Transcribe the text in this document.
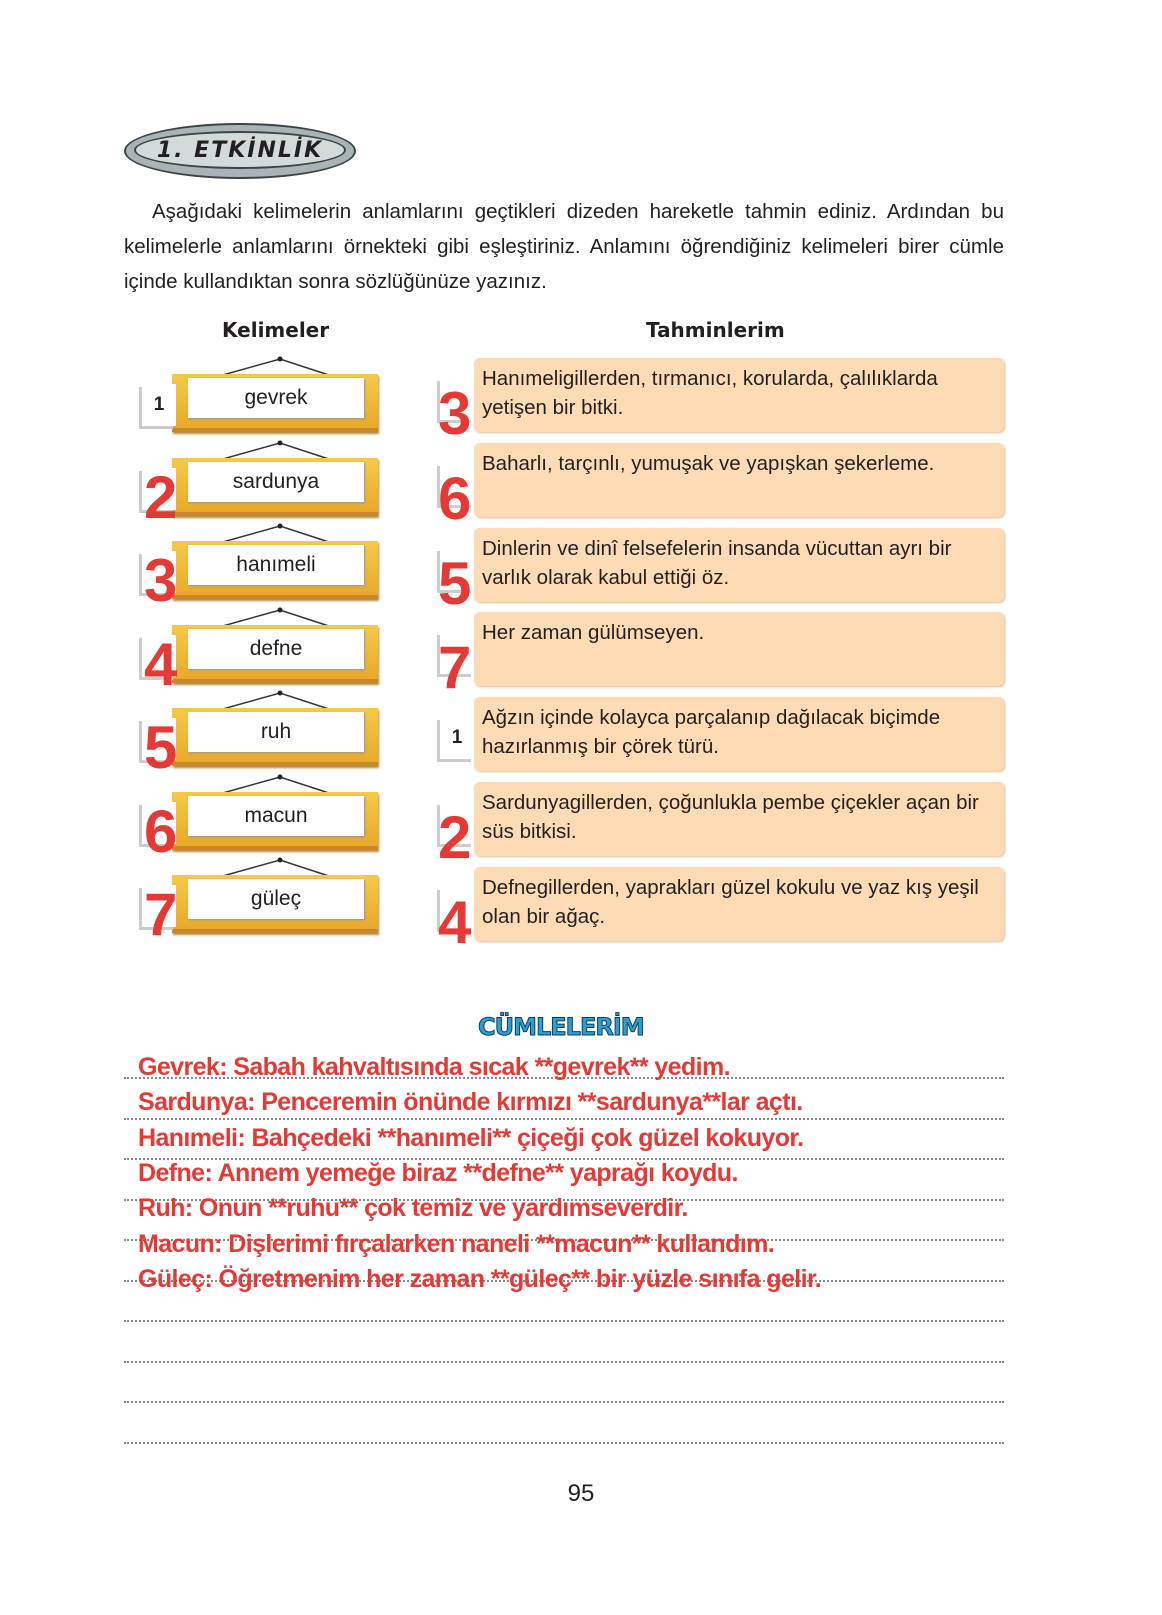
1. ETKİNLİK
Aşağıdaki kelimelerin anlamlarını geçtikleri dizeden hareketle tahmin ediniz. Ardından bu kelimelerle anlamlarını örnekteki gibi eşleştiriniz. Anlamını öğrendiğiniz kelimeleri birer cümle içinde kullandıktan sonra sözlüğünüze yazınız.
Kelimeler	Tahminlerim
gevrek
1
sardunya
2
hanımeli
3
defne
4
ruh
5
macun
6
güleç
7
3
Hanımeligillerden, tırmanıcı, korularda, çalılıklarda yetişen bir bitki.
6
Baharlı, tarçınlı, yumuşak ve yapışkan şekerleme.
5
Dinlerin ve dinî felsefelerin insanda vücuttan ayrı bir varlık olarak kabul ettiği öz.
7
Her zaman gülümseyen.
1
Ağzın içinde kolayca parçalanıp dağılacak biçimde hazırlanmış bir çörek türü.
2
Sardunyagillerden, çoğunlukla pembe çiçekler açan bir süs bitkisi.
4
Defnegillerden, yaprakları güzel kokulu ve yaz kış yeşil olan bir ağaç.
CÜMLELERİM
Gevrek: Sabah kahvaltısında sıcak **gevrek** yedim.
Sardunya: Penceremin önünde kırmızı **sardunya**lar açtı.
Hanımeli: Bahçedeki **hanımeli** çiçeği çok güzel kokuyor.
Defne: Annem yemeğe biraz **defne** yaprağı koydu.
Ruh: Onun **ruhu** çok temiz ve yardımseverdir.
Macun: Dişlerimi fırçalarken naneli **macun** kullandım.
Güleç: Öğretmenim her zaman **güleç** bir yüzle sınıfa gelir.
95
